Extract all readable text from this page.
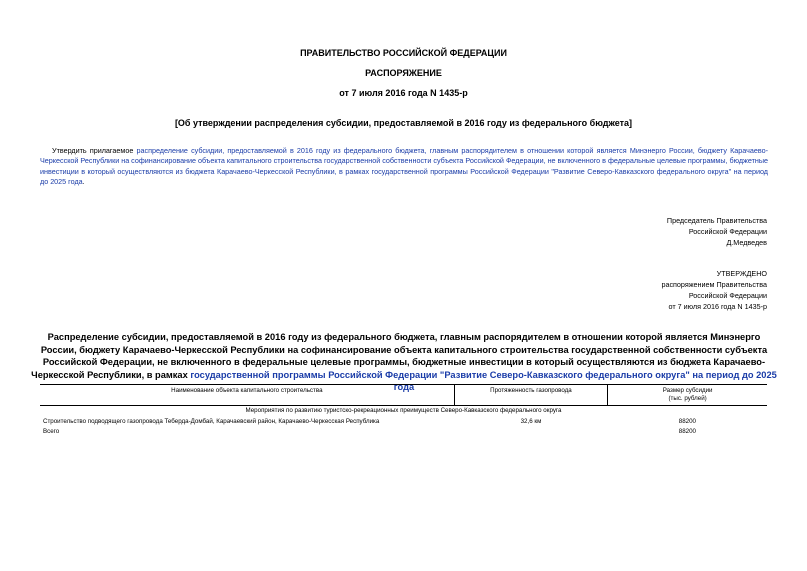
ПРАВИТЕЛЬСТВО РОССИЙСКОЙ ФЕДЕРАЦИИ
РАСПОРЯЖЕНИЕ
от 7 июля 2016 года N 1435-р
[Об утверждении распределения субсидии, предоставляемой в 2016 году из федерального бюджета]
Утвердить прилагаемое распределение субсидии, предоставляемой в 2016 году из федерального бюджета, главным распорядителем в отношении которой является Минэнерго России, бюджету Карачаево-Черкесской Республики на софинансирование объекта капитального строительства государственной собственности субъекта Российской Федерации, не включенного в федеральные целевые программы, бюджетные инвестиции в который осуществляются из бюджета Карачаево-Черкесской Республики, в рамках государственной программы Российской Федерации "Развитие Северо-Кавказского федерального округа" на период до 2025 года.
Председатель Правительства
Российской Федерации
Д.Медведев
УТВЕРЖДЕНО
распоряжением Правительства
Российской Федерации
от 7 июля 2016 года N 1435-р
Распределение субсидии, предоставляемой в 2016 году из федерального бюджета, главным распорядителем в отношении которой является Минэнерго России, бюджету Карачаево-Черкесской Республики на софинансирование объекта капитального строительства государственной собственности субъекта Российской Федерации, не включенного в федеральные целевые программы, бюджетные инвестиции в который осуществляются из бюджета Карачаево-Черкесской Республики, в рамках государственной программы Российской Федерации "Развитие Северо-Кавказского федерального округа" на период до 2025 года
Наименование объекта капитального строительства	Протяженность газопровода	Размер субсидии
(тыс. рублей)

Мероприятия по развитию туристско-рекреационных преимуществ Северо-Кавказского федерального округа		
Строительство подводящего газопровода Теберда-Домбай, Карачаевский район, Карачаево-Черкесская Республика	32,6 км	88200
Всего		88200
